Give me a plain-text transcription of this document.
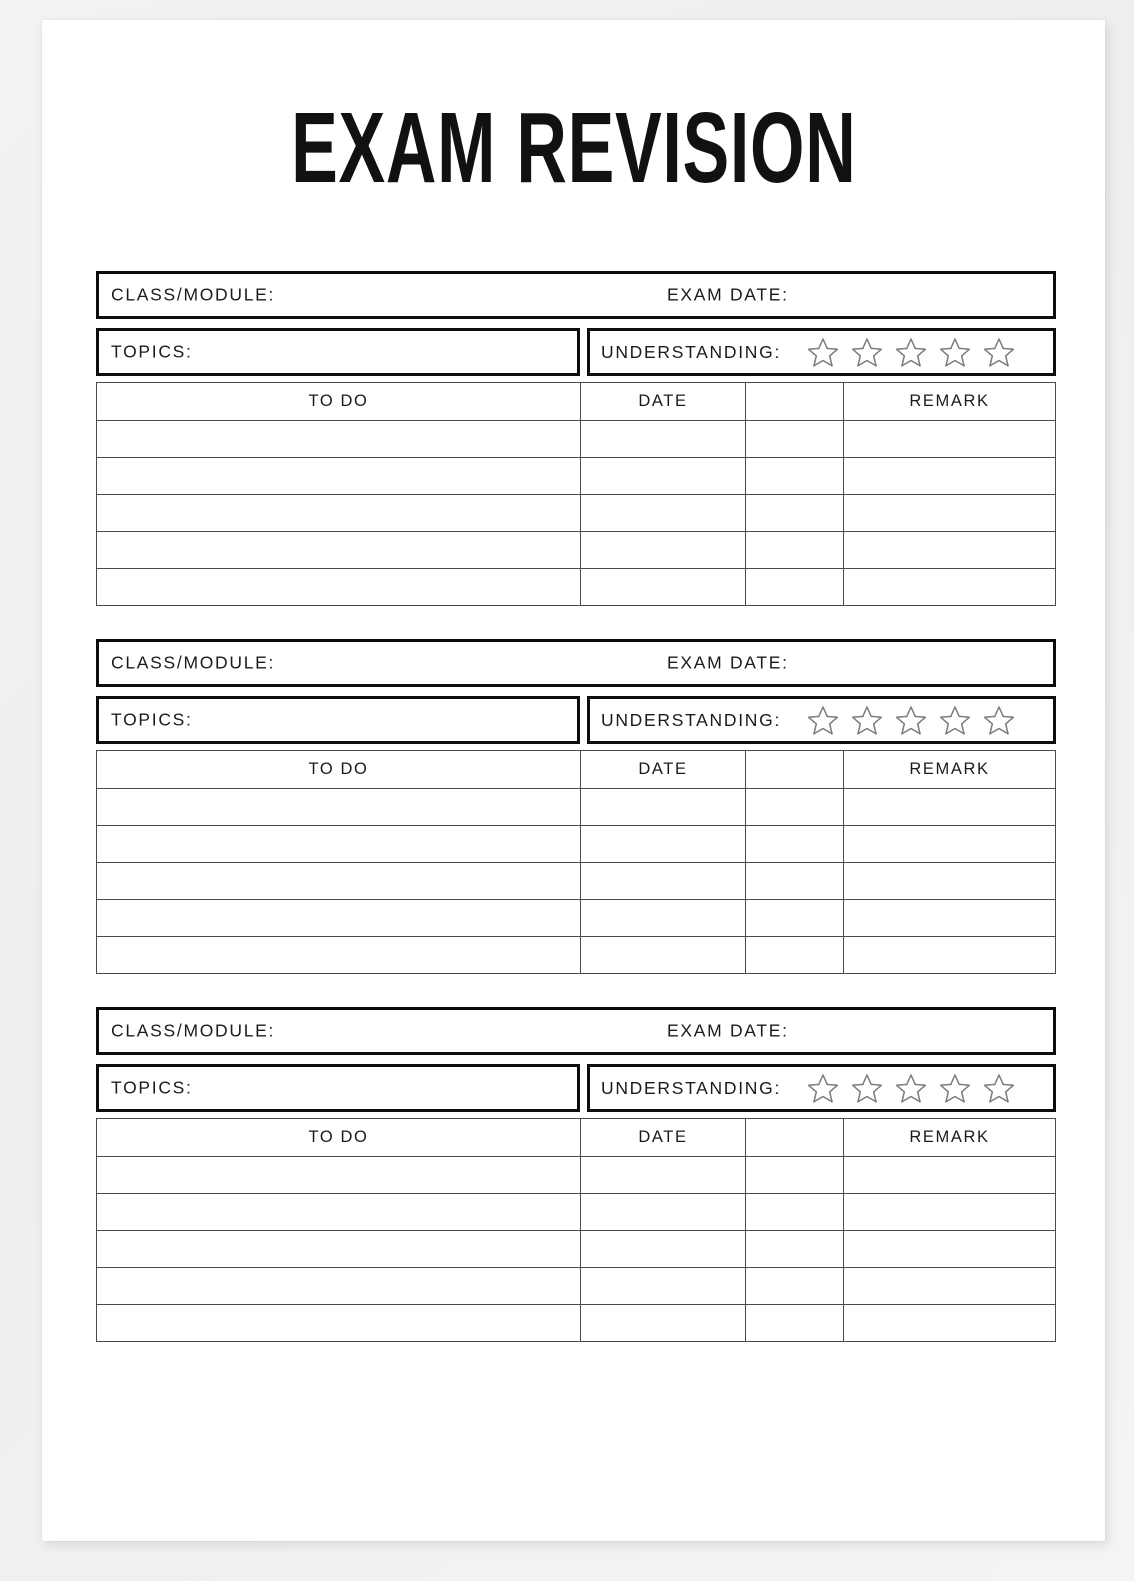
EXAM REVISION
CLASS/MODULE:	EXAM DATE:
TOPICS:	UNDERSTANDING:
TO DO	DATE		REMARK

CLASS/MODULE:	EXAM DATE:
TOPICS:	UNDERSTANDING:
TO DO	DATE		REMARK

CLASS/MODULE:	EXAM DATE:
TOPICS:	UNDERSTANDING:
TO DO	DATE		REMARK
